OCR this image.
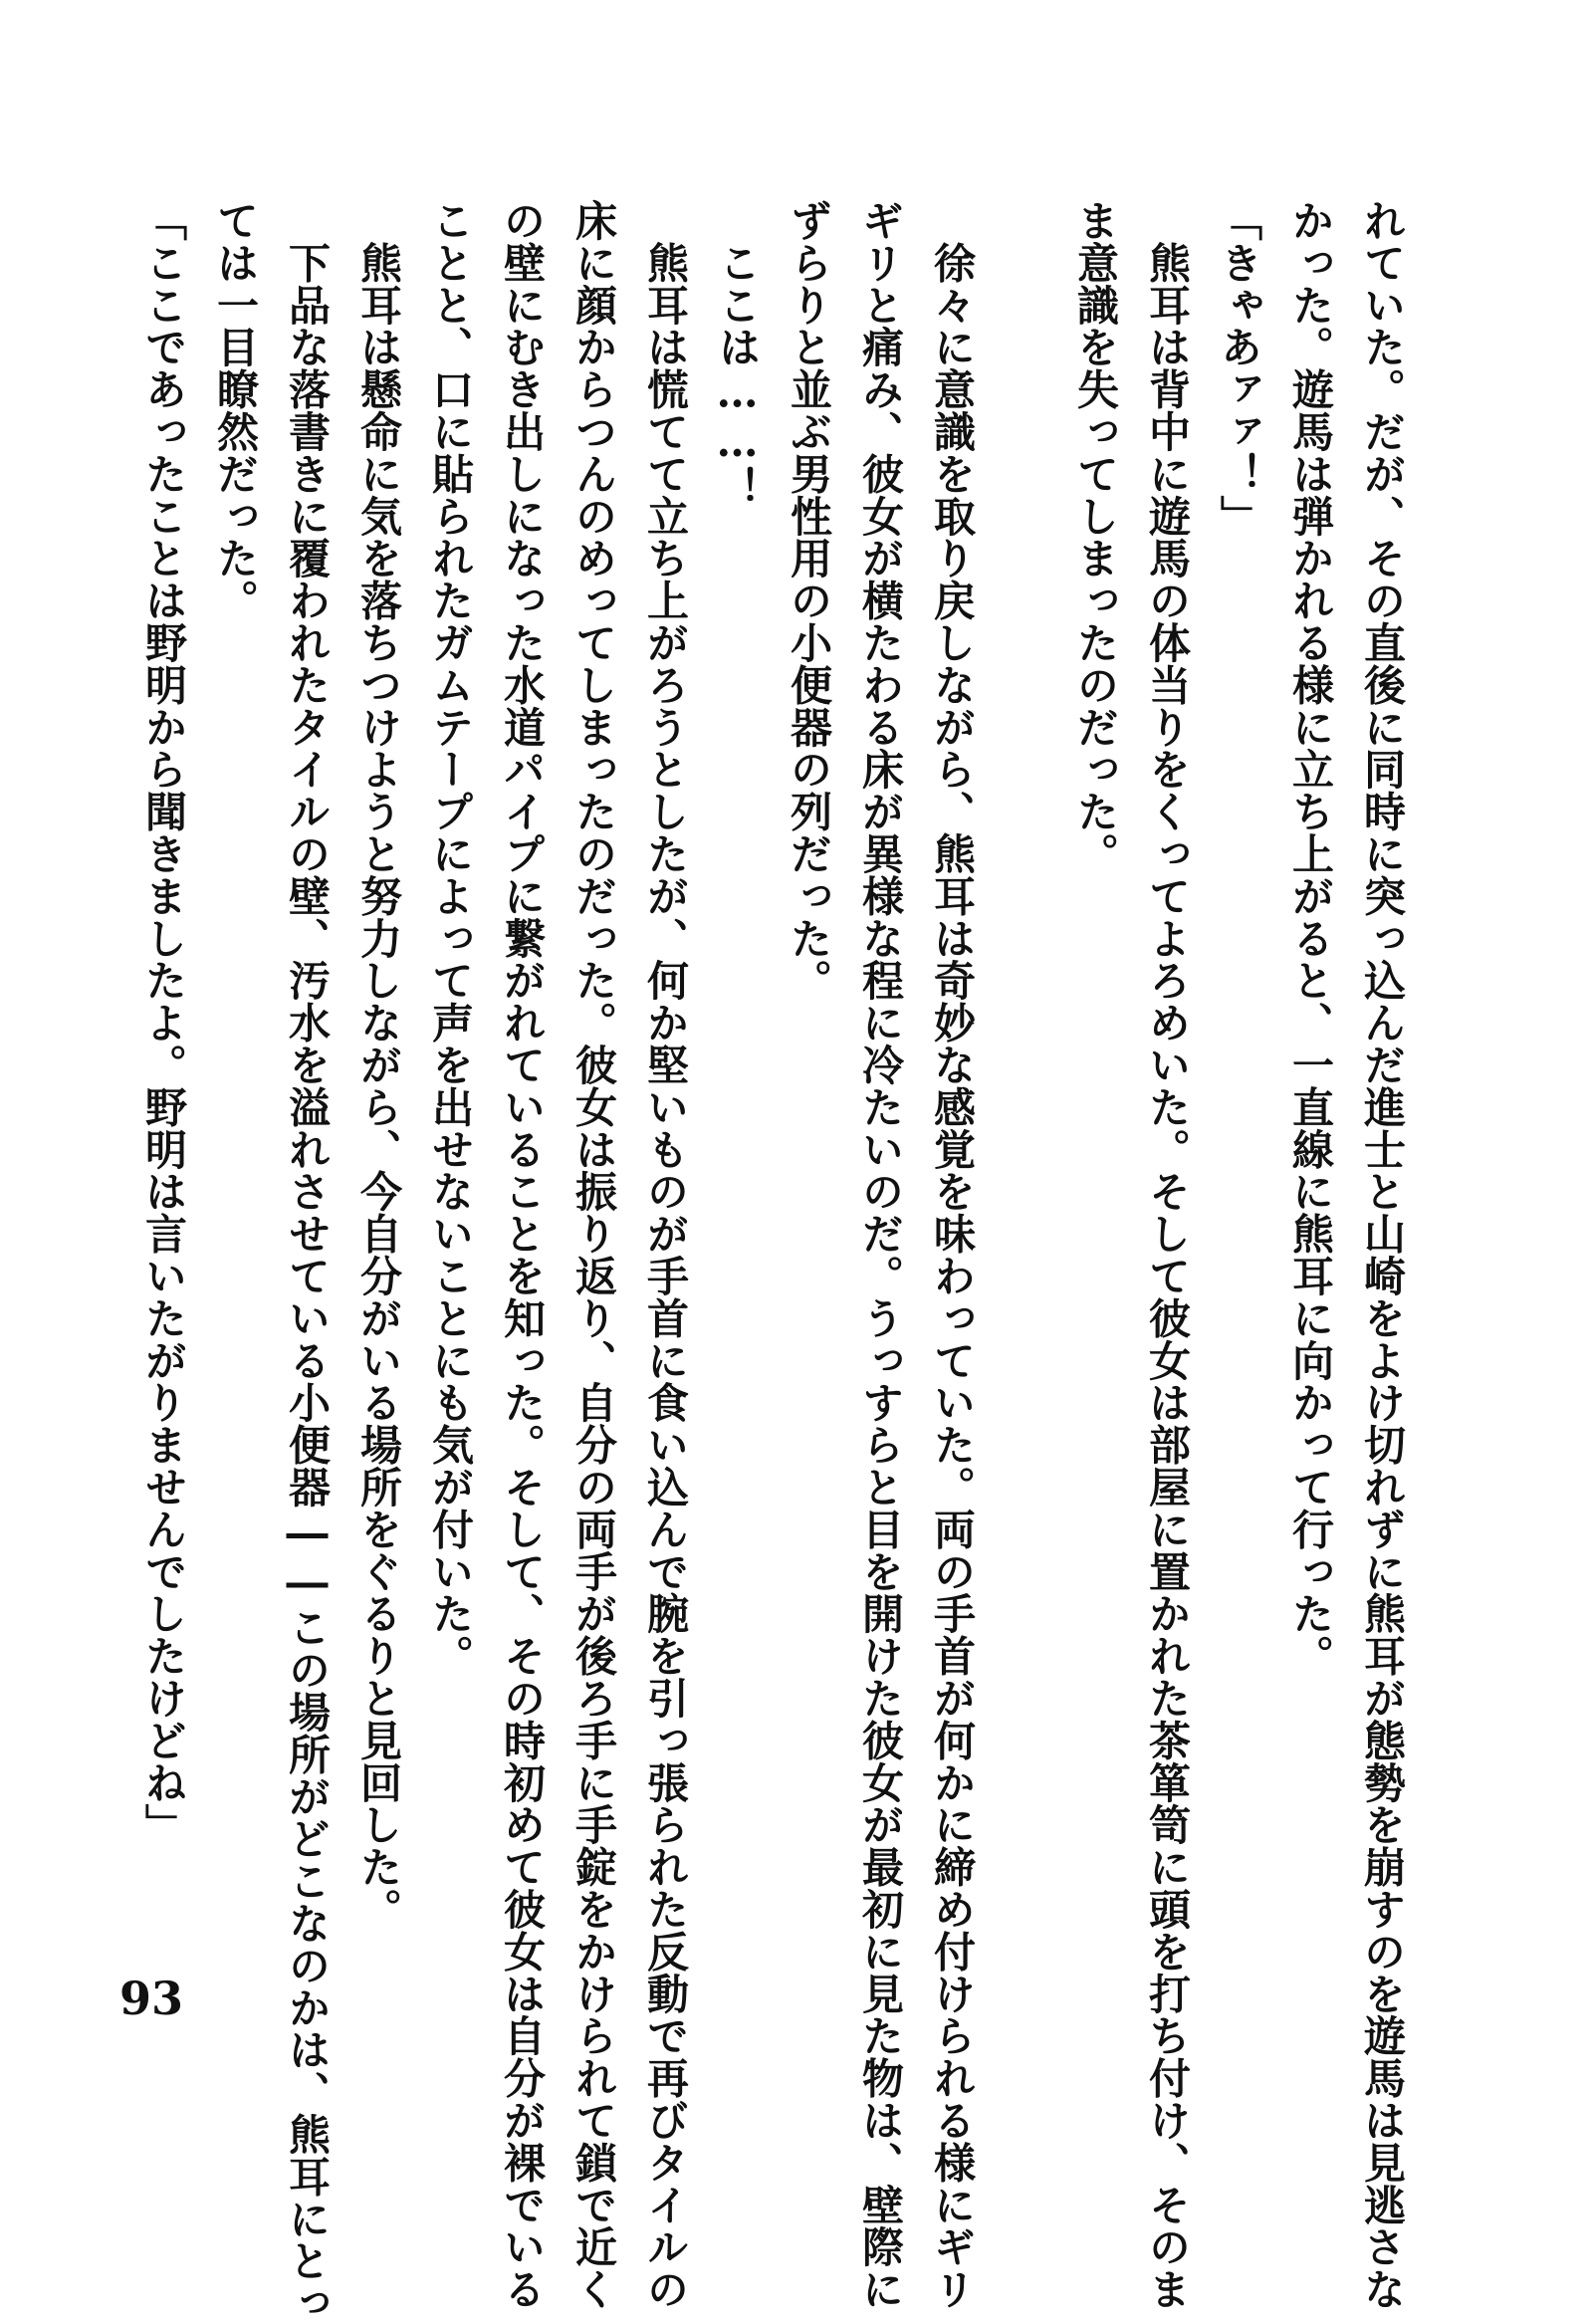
れていた。だが、その直後に同時に突っ込んだ進士と山崎をよけ切れずに熊耳が態勢を崩すのを遊馬は見逃さな
かった。遊馬は弾かれる様に立ち上がると、一直線に熊耳に向かって行った。
「きゃあァァ！」
　熊耳は背中に遊馬の体当りをくってよろめいた。そして彼女は部屋に置かれた茶箪笥に頭を打ち付け、そのま
ま意識を失ってしまったのだった。
　徐々に意識を取り戻しながら、熊耳は奇妙な感覚を味わっていた。両の手首が何かに締め付けられる様にギリ
ギリと痛み、彼女が横たわる床が異様な程に冷たいのだ。うっすらと目を開けた彼女が最初に見た物は、壁際に
ずらりと並ぶ男性用の小便器の列だった。
　ここは……！
　熊耳は慌てて立ち上がろうとしたが、何か堅いものが手首に食い込んで腕を引っ張られた反動で再びタイルの
床に顔からつんのめってしまったのだった。彼女は振り返り、自分の両手が後ろ手に手錠をかけられて鎖で近く
の壁にむき出しになった水道パイプに繋がれていることを知った。そして、その時初めて彼女は自分が裸でいる
ことと、口に貼られたガムテープによって声を出せないことにも気が付いた。
　熊耳は懸命に気を落ちつけようと努力しながら、今自分がいる場所をぐるりと見回した。
　下品な落書きに覆われたタイルの壁、汚水を溢れさせている小便器――この場所がどこなのかは、熊耳にとっ
ては一目瞭然だった。
「ここであったことは野明から聞きましたよ。野明は言いたがりませんでしたけどね」
93
